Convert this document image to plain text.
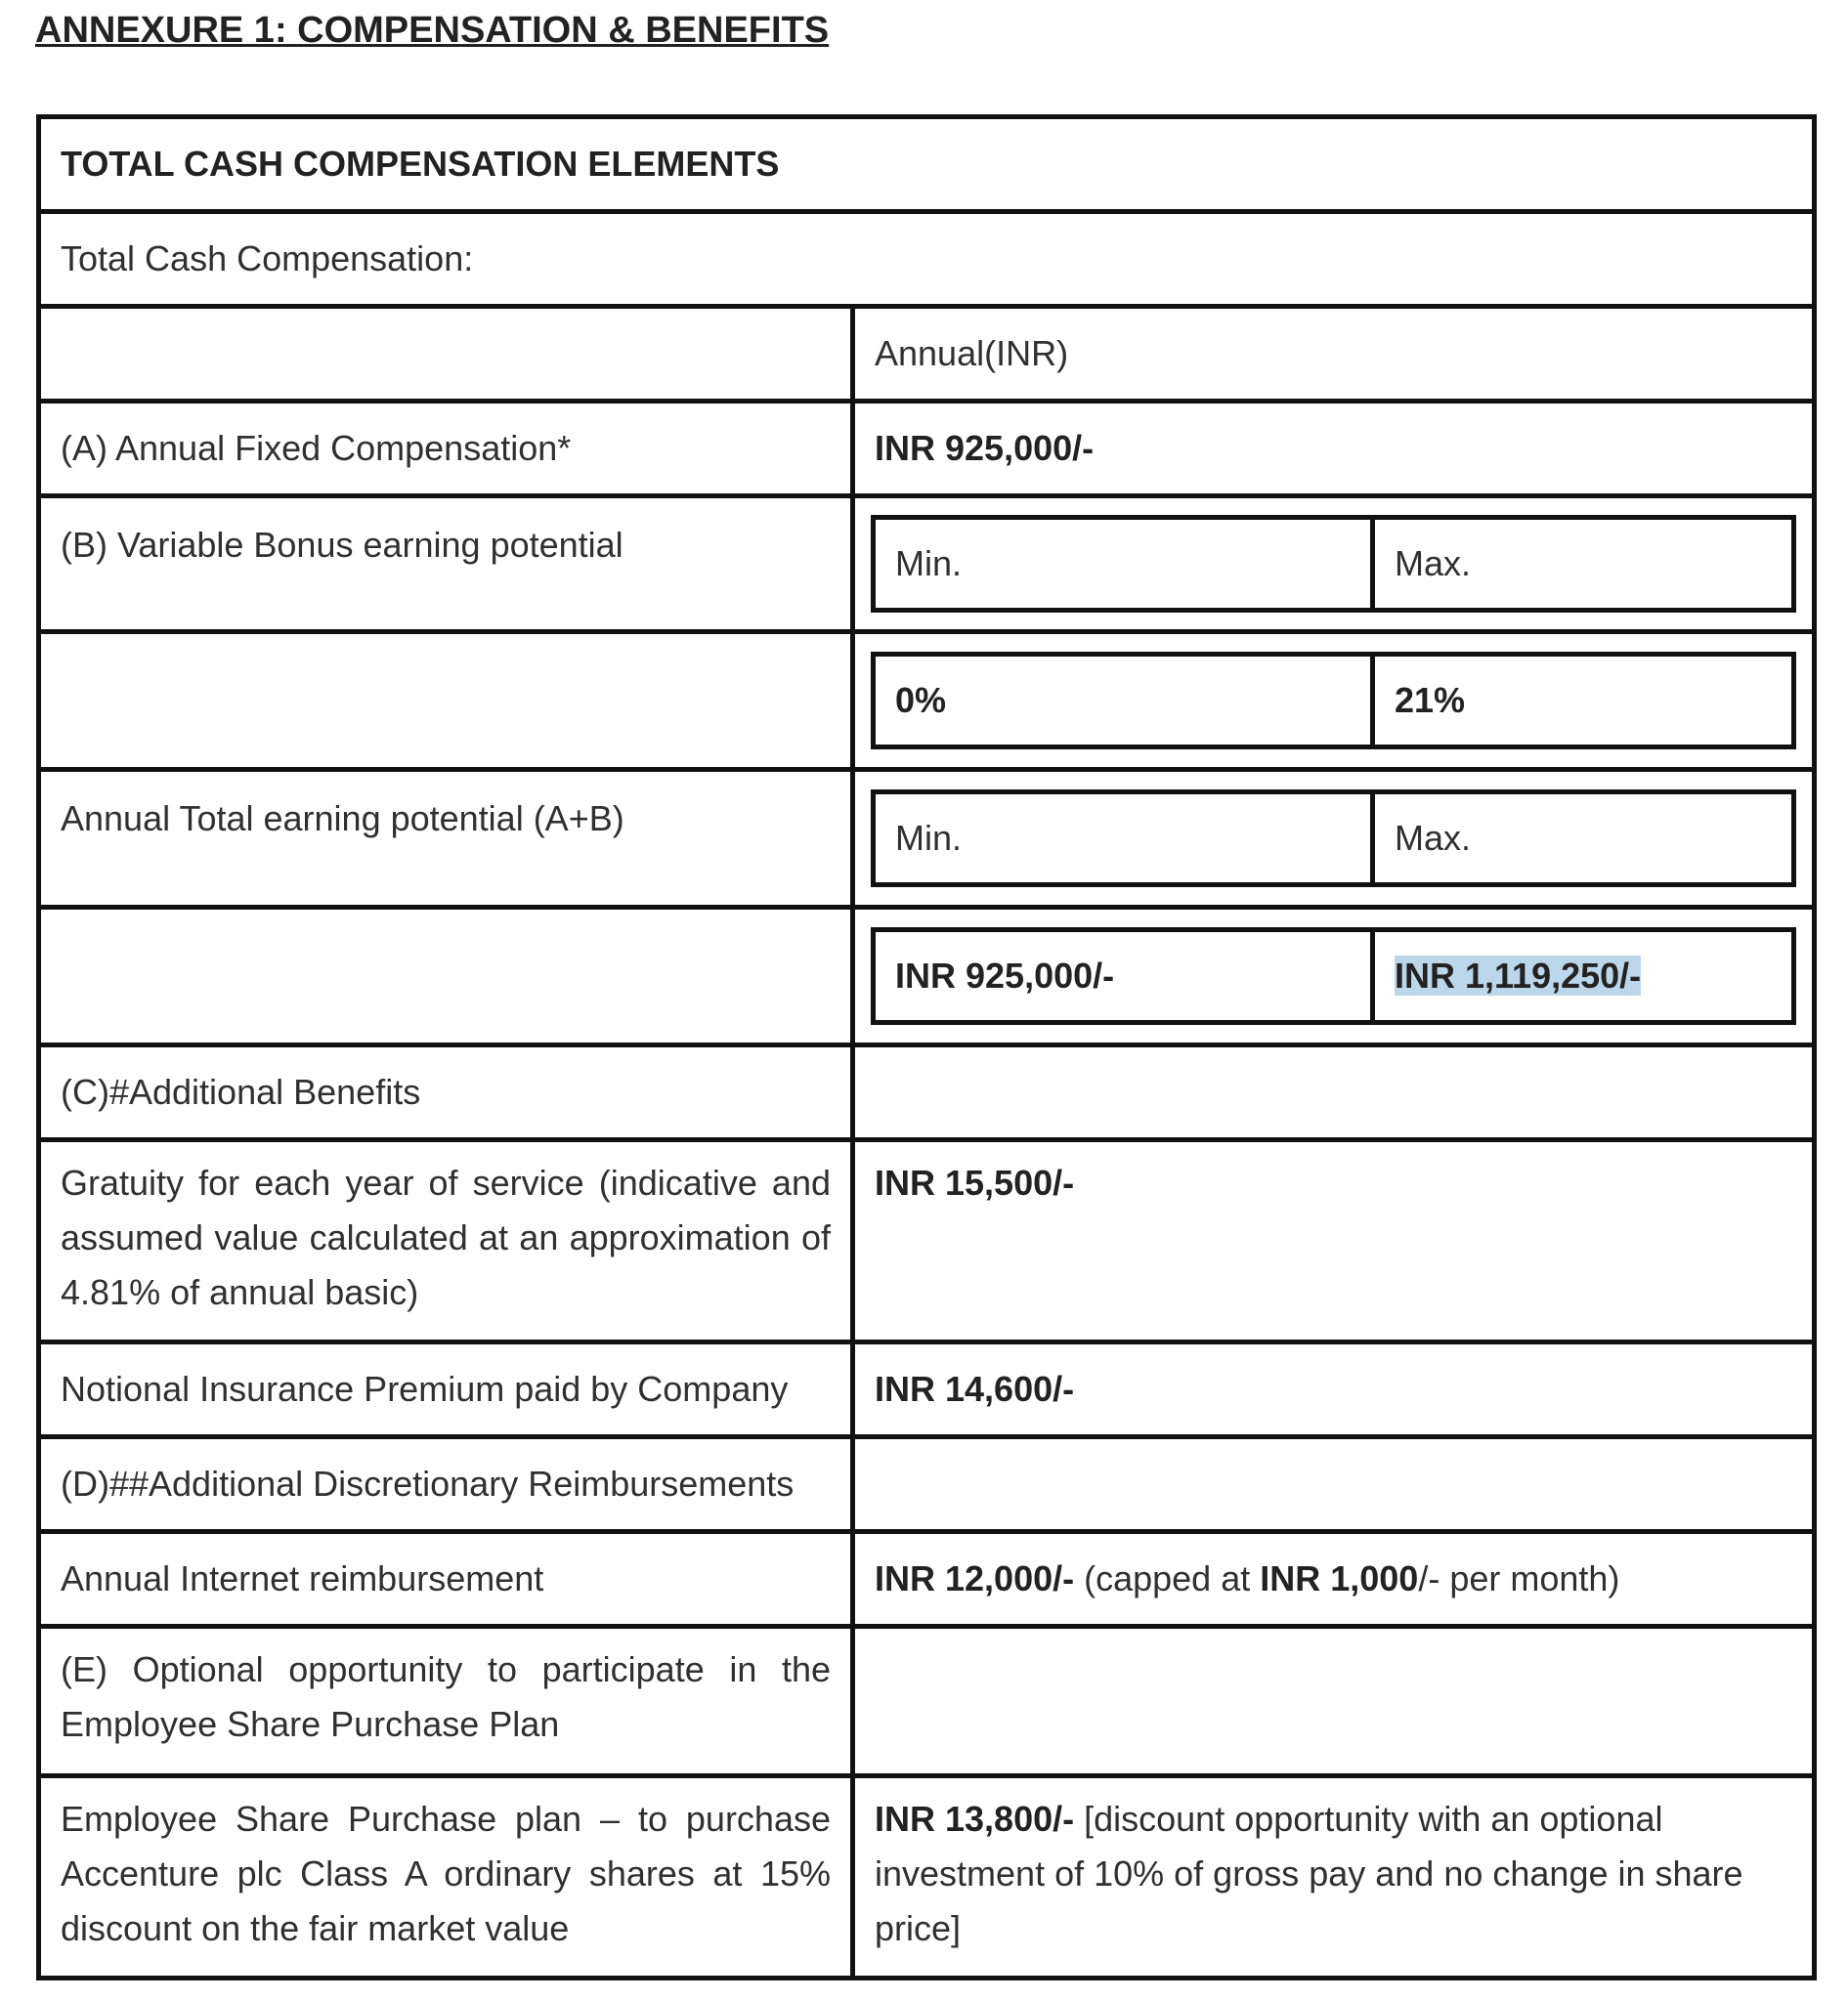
ANNEXURE 1: COMPENSATION & BENEFITS
TOTAL CASH COMPENSATION ELEMENTS
Total Cash Compensation:
	Annual(INR)
(A) Annual Fixed Compensation*	INR 925,000/-
(B) Variable Bonus earning potential		Min.	Max.

0%	21%

Annual Total earning potential (A+B)		Min.	Max.

INR 925,000/-	INR 1,119,250/-

(C)#Additional Benefits	
Gratuity for each year of service (indicative and assumed value calculated at an approximation of 4.81% of annual basic)	INR 15,500/-
Notional Insurance Premium paid by Company	INR 14,600/-
(D)##Additional Discretionary Reimbursements	
Annual Internet reimbursement	INR 12,000/- (capped at INR 1,000/- per month)
(E) Optional opportunity to participate in the Employee Share Purchase Plan	
Employee Share Purchase plan – to purchase Accenture plc Class A ordinary shares at 15% discount on the fair market value	INR 13,800/- [discount opportunity with an optional investment of 10% of gross pay and no change in share price]
